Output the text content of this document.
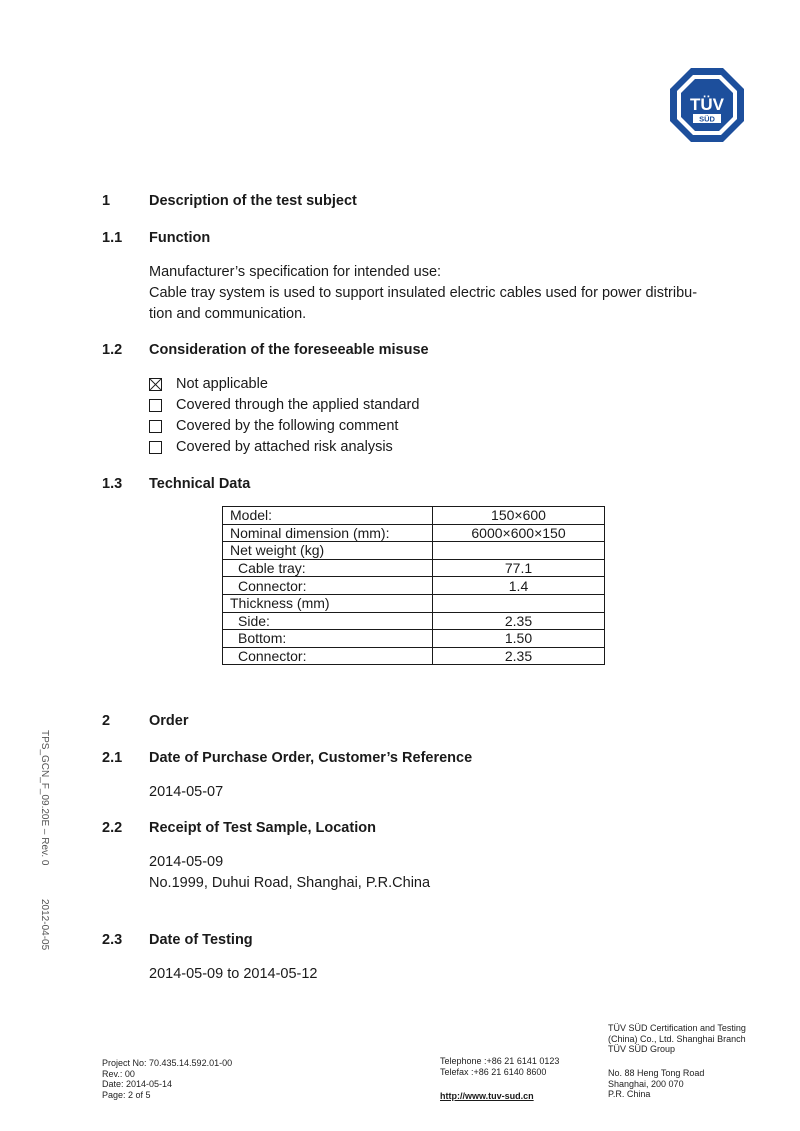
TÜV
SÜD
1	Description of the test subject
1.1 Function
Manufacturer’s specification for intended use:
Cable tray system is used to support insulated electric cables used for power distribu-
tion and communication.
1.2 Consideration of the foreseeable misuse
Not applicable
Covered through the applied standard
Covered by the following comment
Covered by attached risk analysis
1.3 Technical Data
Model:	150×600
Nominal dimension (mm):	6000×600×150
Net weight (kg)	
Cable tray:	77.1
Connector:	1.4
Thickness (mm)	
Side:	2.35
Bottom:	1.50
Connector:	2.35
2	Order
2.1 Date of Purchase Order, Customer’s Reference
2014-05-07
2.2 Receipt of Test Sample, Location
2014-05-09
No.1999, Duhui Road, Shanghai, P.R.China
2.3 Date of Testing
2014-05-09 to 2014-05-12
TPS_GCN_F_09.20E – Rev. 0  2012-04-05
Project No: 70.435.14.592.01-00
Rev.: 00
Date: 2014-05-14
Page: 2 of 5
Telephone :+86 21 6141 0123
Telefax :+86 21 6140 8600
http://www.tuv-sud.cn
TÜV SÜD Certification and Testing
(China) Co., Ltd. Shanghai Branch
TÜV SÜD Group
No. 88 Heng Tong Road
Shanghai, 200 070
P.R. China
